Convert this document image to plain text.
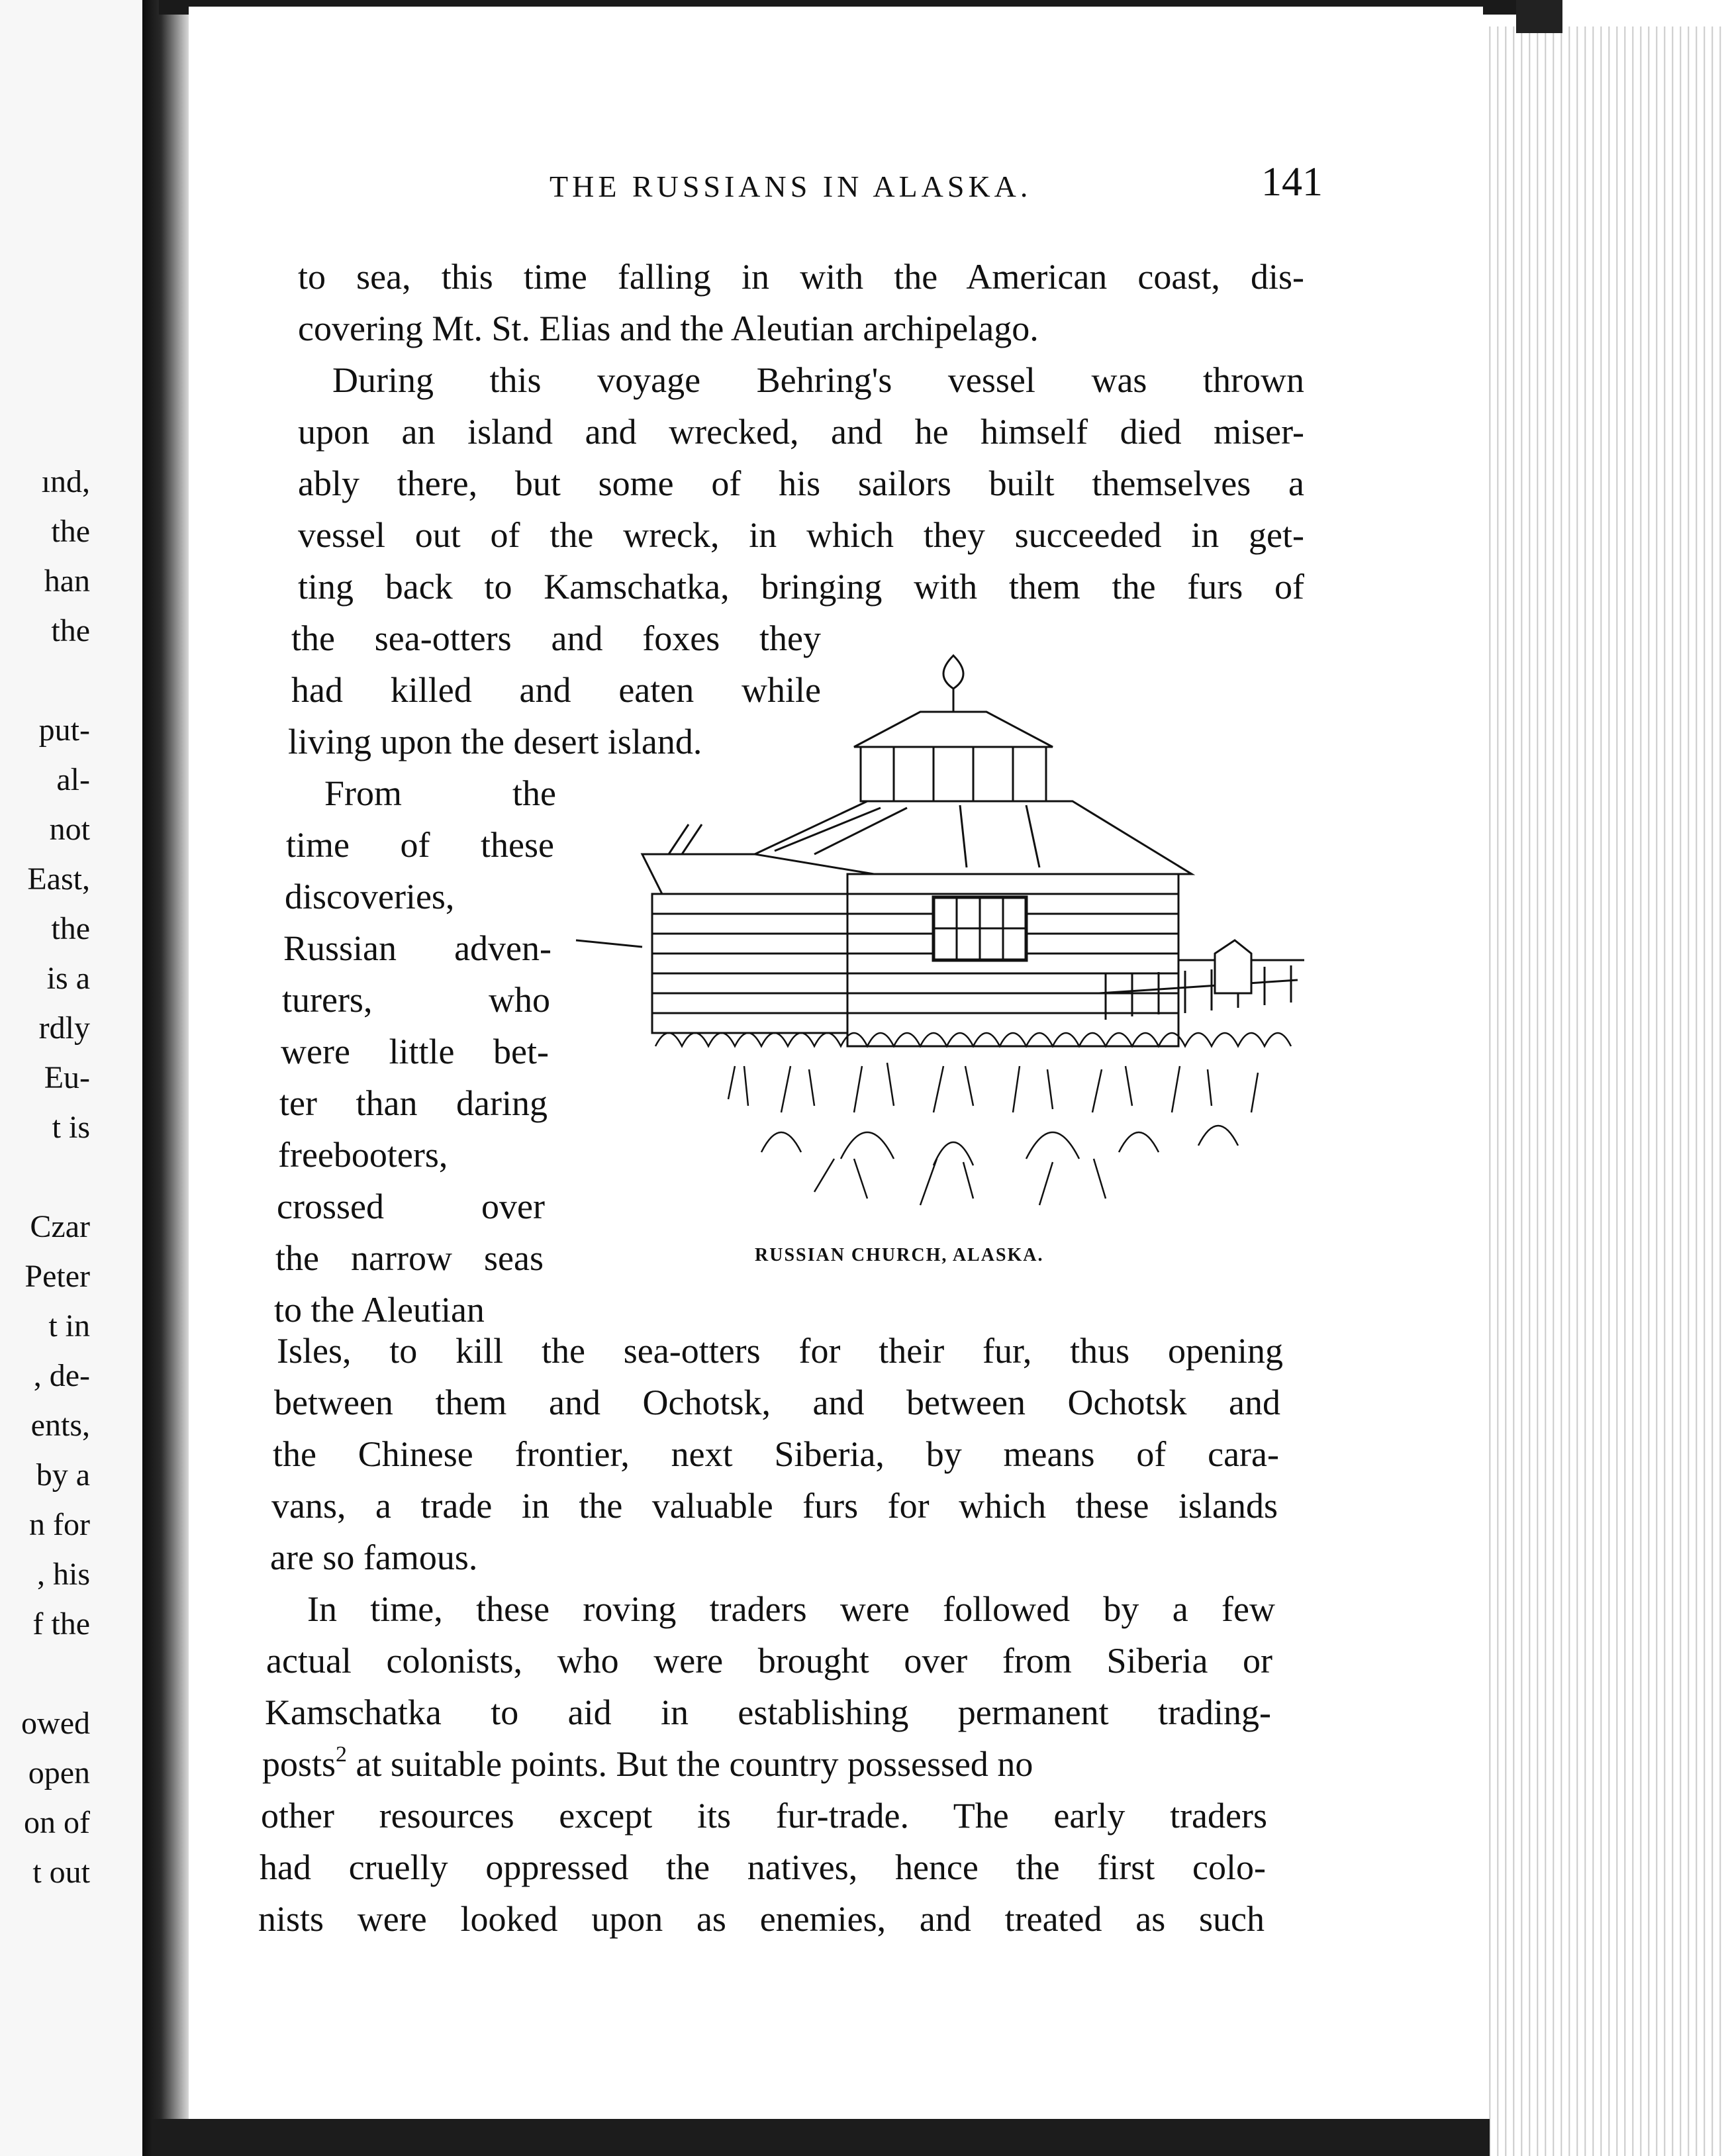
ınd,
the
han
the

put-
al-
not
East,
the
is a
rdly
Eu-
t is

Czar
Peter
t in
, de-
ents,
by a
n for
, his
f the

owed
open
on of
t out
THE RUSSIANS IN ALASKA.	141
to sea, this time falling in with the American coast, dis-
covering Mt. St. Elias and the Aleutian archipelago.
During this voyage Behring's vessel was thrown
upon an island and wrecked, and he himself died miser-
ably there, but some of his sailors built themselves a
vessel out of the wreck, in which they succeeded in get-
ting back to Kamschatka, bringing with them the furs of
the sea-otters and foxes they
had killed and eaten while
living upon the desert island.
From the
time of these
discoveries,
Russian adven-
turers, who
were little bet-
ter than daring
freebooters,
crossed over
the narrow seas
to the Aleutian
RUSSIAN CHURCH, ALASKA.
Isles, to kill the sea-otters for their fur, thus opening
between them and Ochotsk, and between Ochotsk and
the Chinese frontier, next Siberia, by means of cara-
vans, a trade in the valuable furs for which these islands
are so famous.
In time, these roving traders were followed by a few
actual colonists, who were brought over from Siberia or
Kamschatka to aid in establishing permanent trading-
posts$^2$ at suitable points. But the country possessed no
other resources except its fur-trade. The early traders
had cruelly oppressed the natives, hence the first colo-
nists were looked upon as enemies, and treated as such
